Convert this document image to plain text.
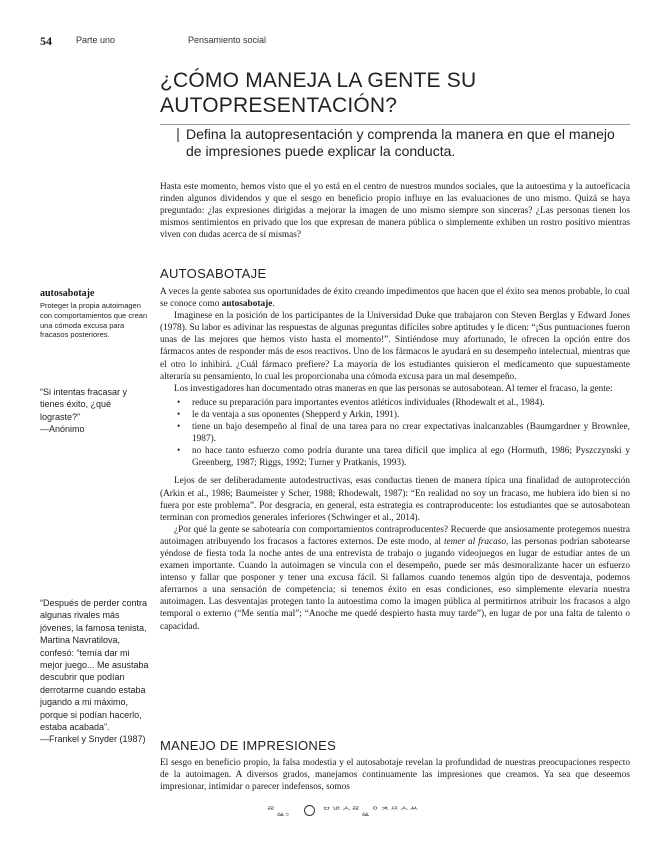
54	Parte uno	Pensamiento social
¿CÓMO MANEJA LA GENTE SU
AUTOPRESENTACIÓN?

Defina la autopresentación y comprenda la manera en que el manejo de impresiones puede explicar la conducta.

Hasta este momento, hemos visto que el yo está en el centro de nuestros mundos sociales, que la autoestima y la autoeficacia rinden algunos dividendos y que el sesgo en beneficio propio influye en las evaluaciones de uno mismo. Quizá se haya preguntado: ¿las expresiones dirigidas a mejorar la imagen de uno mismo siempre son sinceras? ¿Las personas tienen los mismos sentimientos en privado que los que expresan de manera pública o simplemente exhiben un rostro positivo mientras viven con dudas acerca de sí mismas?

AUTOSABOTAJE

A veces la gente sabotea sus oportunidades de éxito creando impedimentos que hacen que el éxito sea menos probable, lo cual se conoce como autosabotaje.

Imaginese en la posición de los participantes de la Universidad Duke que trabajaron con Steven Berglas y Edward Jones (1978). Su labor es adivinar las respuestas de algunas preguntas difíciles sobre aptitudes y le dicen: “¡Sus puntuaciones fueron unas de las mejores que hemos visto hasta el momento!”. Sintiéndose muy afortunado, le ofrecen la opción entre dos fármacos antes de responder más de esos reactivos. Uno de los fármacos le ayudará en su desempeño intelectual, mientras que el otro lo inhibirá. ¿Cuál fármaco prefiere? La mayoría de los estudiantes quisieron el medicamento que supuestamente alteraría su pensamiento, lo cual les proporcionaba una cómoda excusa para un mal desempeño.

Los investigadores han documentado otras maneras en que las personas se autosabotean. Al temer el fracaso, la gente:

• reduce su preparación para importantes eventos atléticos individuales (Rhodewalt et al., 1984).
• le da ventaja a sus oponentes (Shepperd y Arkin, 1991).
• tiene un bajo desempeño al final de una tarea para no crear expectativas inalcanzables (Baumgardner y Brownlee, 1987).
• no hace tanto esfuerzo como podría durante una tarea difícil que implica al ego (Hormuth, 1986; Pyszczynski y Greenberg, 1987; Riggs, 1992; Turner y Pratkanis, 1993).

Lejos de ser deliberadamente autodestructivas, esas conductas tienen de manera típica una finalidad de autoprotección (Arkin et al., 1986; Baumeister y Scher, 1988; Rhodewalt, 1987): “En realidad no soy un fracaso, me hubiera ido bien si no fuera por este problema”. Por desgracia, en general, esta estrategia es contraproducente: los estudiantes que se autosabotean terminan con promedios generales inferiores (Schwinger et al., 2014).

¿Por qué la gente se sabotearía con comportamientos contraproducentes? Recuerde que ansiosamente protegemos nuestra autoimagen atribuyendo los fracasos a factores externos. De este modo, al temer al fracaso, las personas podrían sabotearse yéndose de fiesta toda la noche antes de una entrevista de trabajo o jugando videojuegos en lugar de estudiar antes de un examen importante. Cuando la autoimagen se vincula con el desempeño, puede ser más desmoralizante hacer un esfuerzo intenso y fallar que posponer y tener una excusa fácil. Si fallamos cuando tenemos algún tipo de desventaja, podemos aferrarnos a una sensación de competencia; si tenemos éxito en esas condiciones, eso simplemente elevaría nuestra autoimagen. Las desventajas protegen tanto la autoestima como la imagen pública al permitirnos atribuir los fracasos a algo temporal o externo (“Me sentía mal”; “Anoche me quedé despierto hasta muy tarde”), en lugar de por una falta de talento o capacidad.

MANEJO DE IMPRESIONES

El sesgo en beneficio propio, la falsa modestia y el autosabotaje revelan la profundidad de nuestras preocupaciones respecto de la autoimagen. A diversos grados, manejamos continuamente las impresiones que creamos. Ya sea que deseemos impresionar, intimidar o parecer indefensos, somos

autosabotaje

Proteger la propia autoimagen con comportamientos que crean una cómoda excusa para fracasos posteriores.

“Si intentas fracasar y tienes éxito, ¿qué lograste?”

—Anónimo

“Después de perder contra algunas rivales más jóvenes, la famosa tenista, Martina Navratilova, confesó: “temía dar mi mejor juego... Me asustaba descubrir que podían derrotarme cuando estaba jugando a mi máximo, porque si podían hacerlo, estaba acabada”.

—Frankel y Snyder (1987)

ᄙᇲ。	ᄆᄖᄉᄙᇲᄋᄌᄶᄉᄊ
